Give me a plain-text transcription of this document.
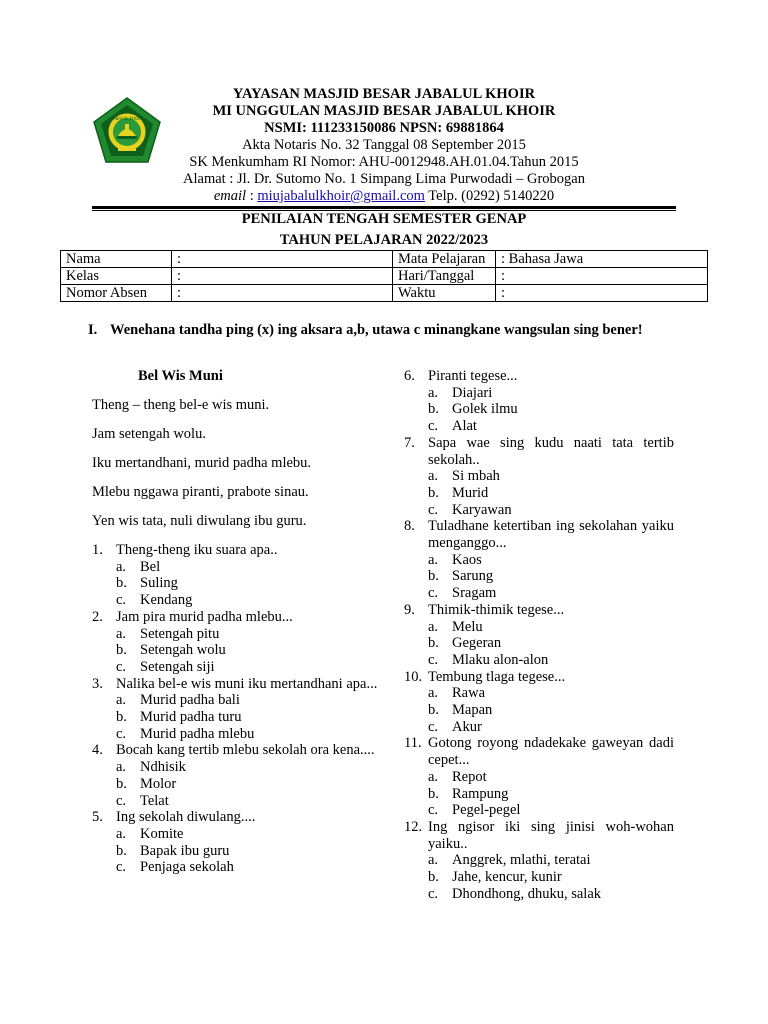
JABALUL KHOIR
YAYASAN MASJID BESAR JABALUL KHOIR
MI UNGGULAN MASJID BESAR JABALUL KHOIR
NSMI: 111233150086 NPSN: 69881864
Akta Notaris No. 32 Tanggal 08 September 2015
SK Menkumham RI Nomor: AHU-0012948.AH.01.04.Tahun 2015
Alamat : Jl. Dr. Sutomo No. 1 Simpang Lima Purwodadi – Grobogan
email : miujabalulkhoir@gmail.com Telp. (0292) 5140220
PENILAIAN TENGAH SEMESTER GENAP
TAHUN PELAJARAN 2022/2023
Nama	:	Mata Pelajaran	: Bahasa Jawa
Kelas	:	Hari/Tanggal	:
Nomor Absen	:	Waktu	:
I. Wenehana tandha ping (x) ing aksara a,b, utawa c minangkane wangsulan sing bener!
Bel Wis Muni
Theng – theng bel-e wis muni.
Jam setengah wolu.
Iku mertandhani, murid padha mlebu.
Mlebu nggawa piranti, prabote sinau.
Yen wis tata, nuli diwulang ibu guru.
1. Theng-theng iku suara apa..
a. Bel
b. Suling
c. Kendang
2. Jam pira murid padha mlebu...
a. Setengah pitu
b. Setengah wolu
c. Setengah siji
3. Nalika bel-e wis muni iku mertandhani apa...
a. Murid padha bali
b. Murid padha turu
c. Murid padha mlebu
4. Bocah kang tertib mlebu sekolah ora kena....
a. Ndhisik
b. Molor
c. Telat
5. Ing sekolah diwulang....
a. Komite
b. Bapak ibu guru
c. Penjaga sekolah
6. Piranti tegese...
a. Diajari
b. Golek ilmu
c. Alat
7. Sapa wae sing kudu naati tata tertib sekolah..
a. Si mbah
b. Murid
c. Karyawan
8. Tuladhane ketertiban ing sekolahan yaiku menganggo...
a. Kaos
b. Sarung
c. Sragam
9. Thimik-thimik tegese...
a. Melu
b. Gegeran
c. Mlaku alon-alon
10. Tembung tlaga tegese...
a. Rawa
b. Mapan
c. Akur
11. Gotong royong ndadekake gaweyan dadi cepet...
a. Repot
b. Rampung
c. Pegel-pegel
12. Ing ngisor iki sing jinisi woh-wohan yaiku..
a. Anggrek, mlathi, teratai
b. Jahe, kencur, kunir
c. Dhondhong, dhuku, salak
